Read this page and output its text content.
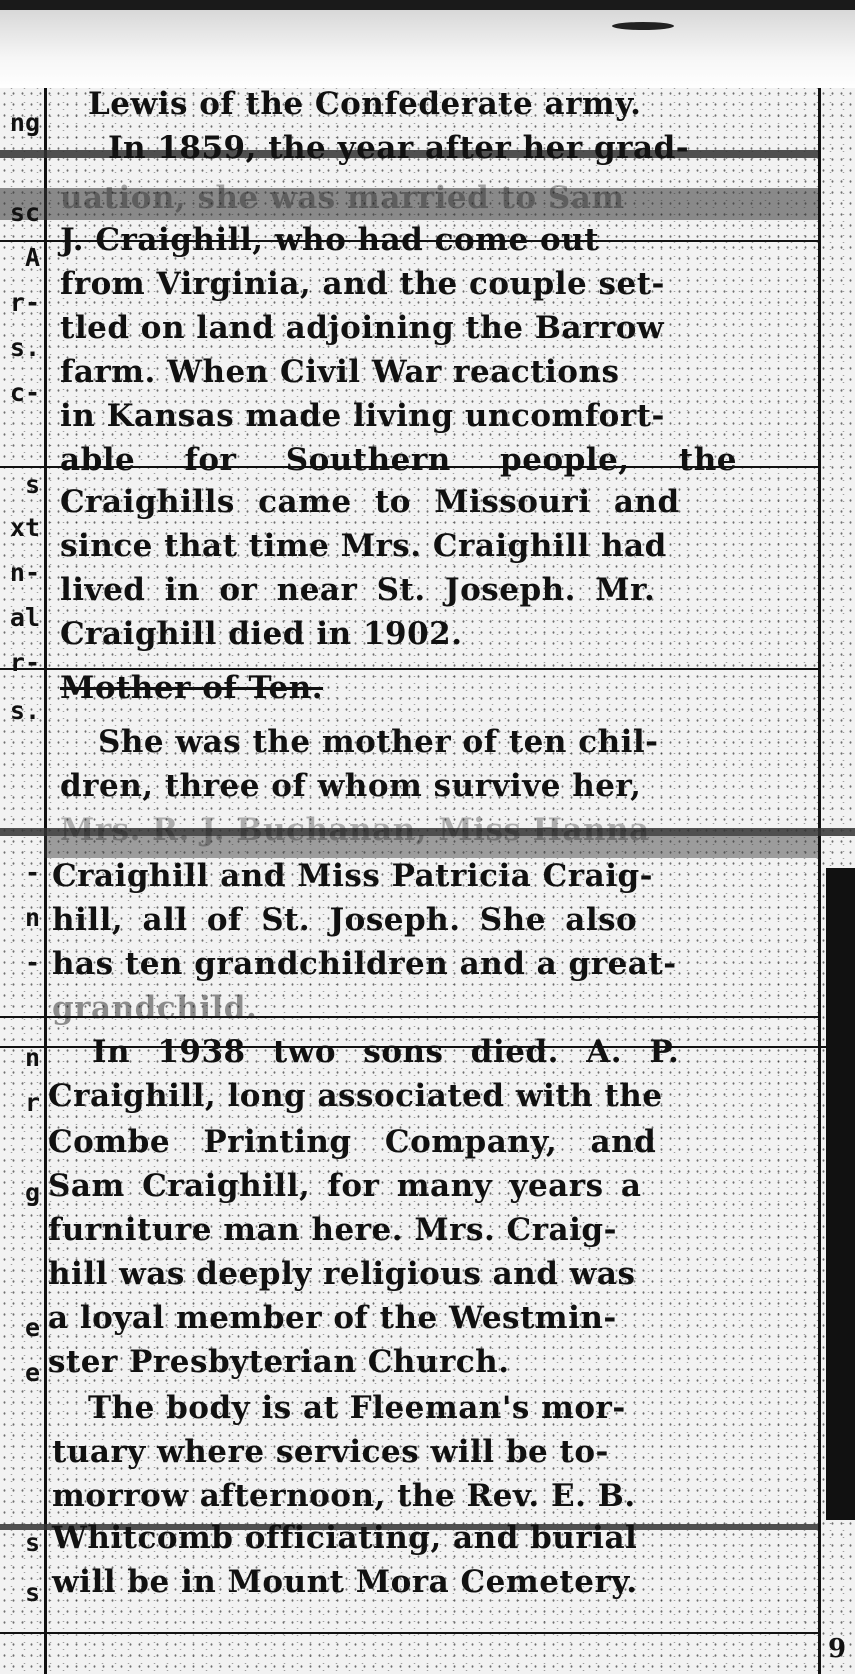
ng
sc
A
r-
s.
c-
s
xt
n-
al
r-
s.
-
n
-
n
r
g
e
e
s
s
Lewis of the Confederate army.
In 1859, the year after her grad-
uation, she was married to Sam
J. Craighill, who had come out
from Virginia, and the couple set-
tled on land adjoining the Barrow
farm. When Civil War reactions
in Kansas made living uncomfort-
able for Southern people, the
Craighills came to Missouri and
since that time Mrs. Craighill had
lived in or near St. Joseph. Mr.
Craighill died in 1902.
Mother of Ten.
She was the mother of ten chil-
dren, three of whom survive her,
Mrs. R. J. Buchanan, Miss Hanna
Craighill and Miss Patricia Craig-
hill, all of St. Joseph. She also
has ten grandchildren and a great-
grandchild.
In 1938 two sons died. A. P.
Craighill, long associated with the
Combe Printing Company, and
Sam Craighill, for many years a
furniture man here. Mrs. Craig-
hill was deeply religious and was
a loyal member of the Westmin-
ster Presbyterian Church.
The body is at Fleeman's mor-
tuary where services will be to-
morrow afternoon, the Rev. E. B.
Whitcomb officiating, and burial
will be in Mount Mora Cemetery.
9
